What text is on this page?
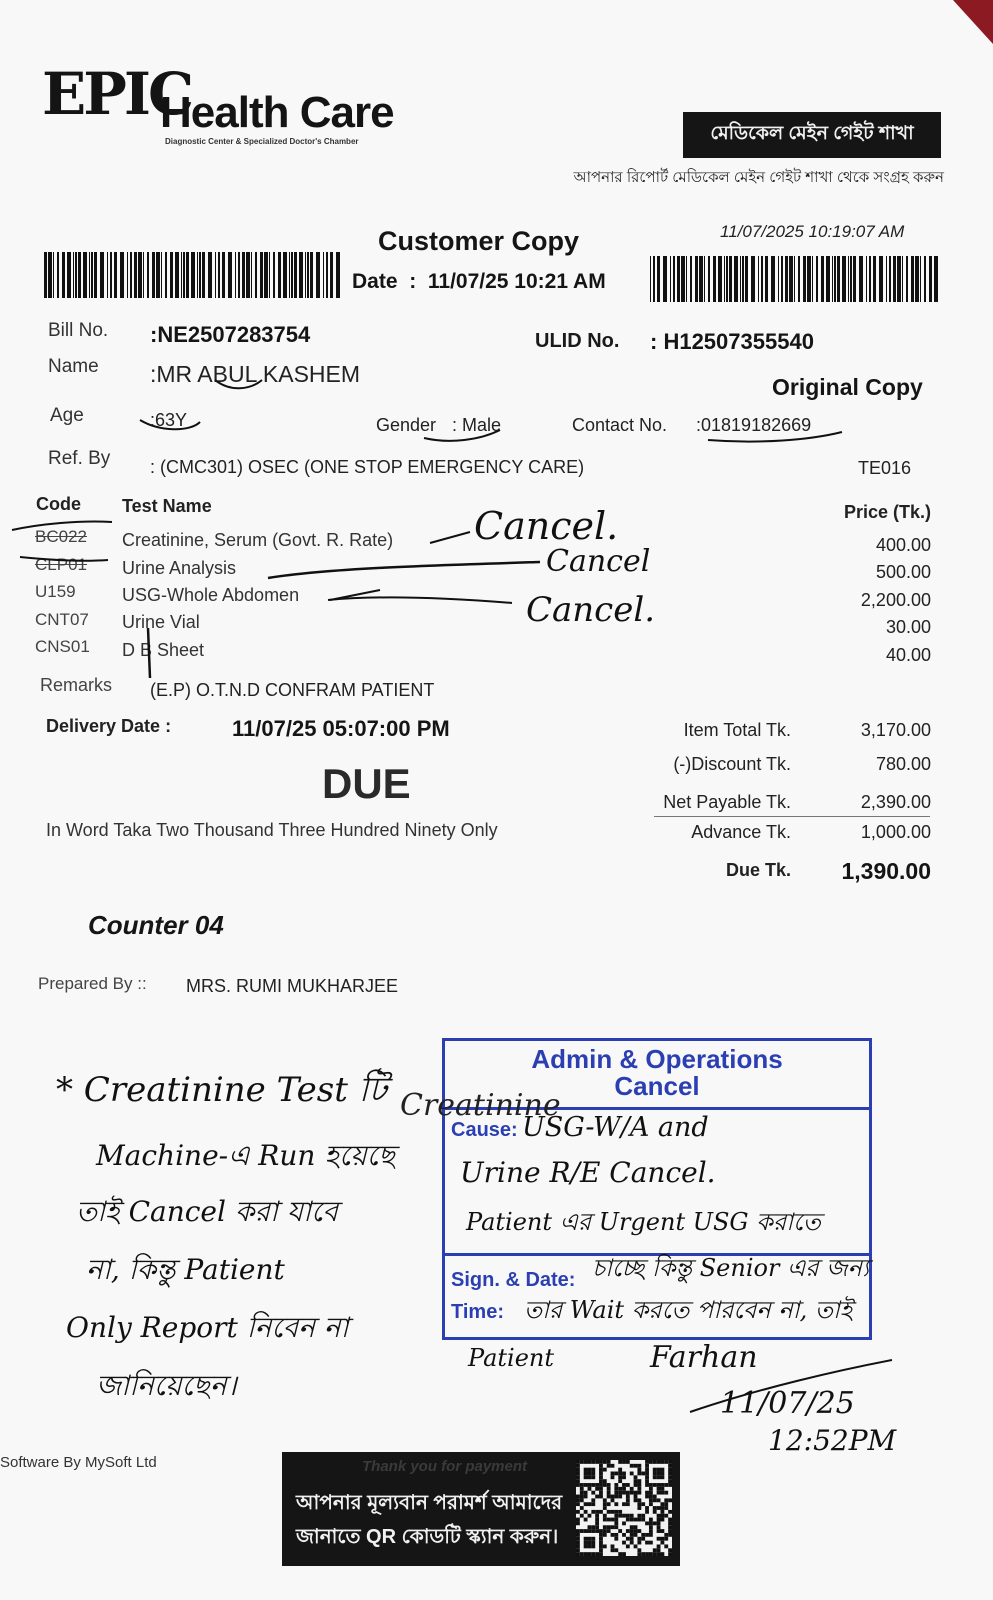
EPIC
Health Care
Diagnostic Center & Specialized Doctor's Chamber	মেডিকেল মেইন গেইট শাখা
আপনার রিপোর্ট মেডিকেল মেইন গেইট শাখা থেকে সংগ্রহ করুন
Customer Copy	11/07/2025 10:19:07 AM
Date  :  11/07/25 10:21 AM
Bill No. :NE2507283754	ULID No. : H12507355540
Name :MR ABUL KASHEM	Original Copy
Age	:63Y	Gender : Male	Contact No. :01819182669
Ref. By : (CMC301) OSEC (ONE STOP EMERGENCY CARE)	TE016
Code Test Name	Price (Tk.)
BC022 Creatinine, Serum (Govt. R. Rate)	400.00
CLP01 Urine Analysis	500.00
U159	USG-Whole Abdomen	2,200.00
CNT07 Urine Vial	30.00
CNS01 D B Sheet	40.00
Remarks (E.P) O.T.N.D CONFRAM PATIENT
Delivery Date :	11/07/25 05:07:00 PM
DUE
In Word Taka Two Thousand Three Hundred Ninety Only
Item Total Tk.	3,170.00
(-)Discount Tk.	780.00
Net Payable Tk.	2,390.00
Advance Tk.	1,000.00
Due Tk. 1,390.00
Counter 04
Prepared By :: MRS. RUMI MUKHARJEE
Cancel.
Cancel
Cancel.
Admin & Operations
Cancel
Cause:
Sign. & Date:
Time:
Creatinine
USG-W/A and
Urine R/E Cancel.
Patient এর Urgent USG করাতে
চাচ্ছে কিন্তু Senior এর জন্য
তার Wait করতে পারবেন না, তাই
Patient
* Creatinine Test টি
Machine-এ Run হয়েছে
তাই Cancel করা যাবে
না, কিন্তু Patient
Only Report নিবেন না
জানিয়েছেন।
Farhan
11/07/25
12:52PM
Software By MySoft Ltd	Thank you for payment
আপনার মূল্যবান পরামর্শ আমাদের জানাতে QR কোডটি স্ক্যান করুন।
